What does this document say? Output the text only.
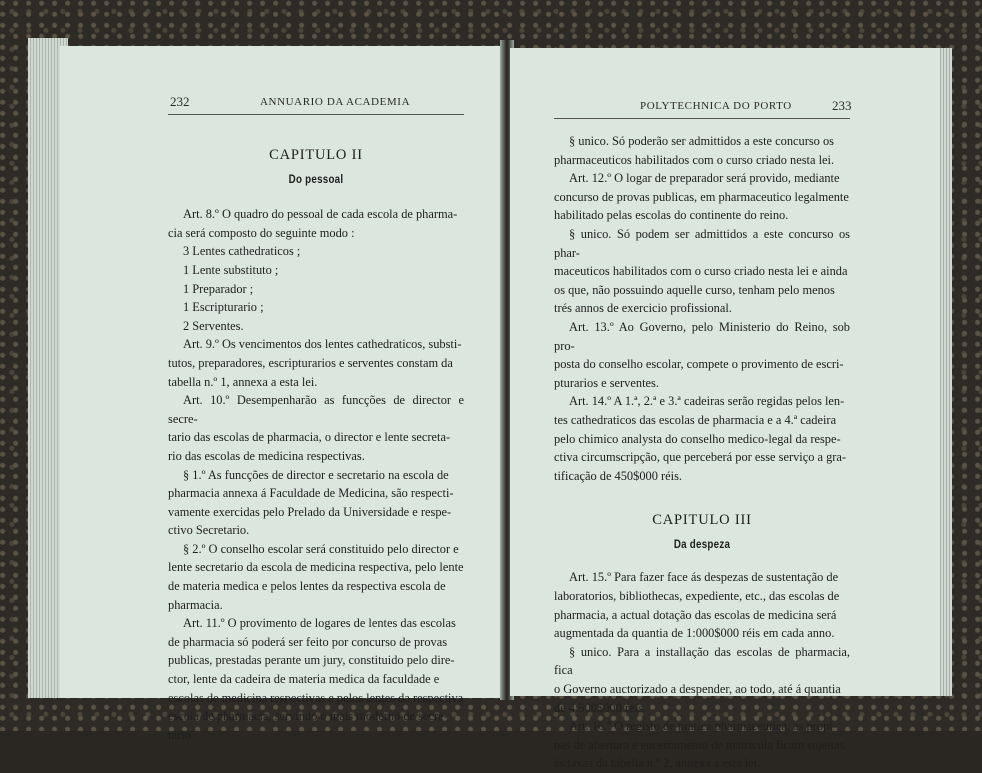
232	ANNUARIO DA ACADEMIA
CAPITULO II
Do pessoal

Art. 8.º O quadro do pessoal de cada escola de pharma-

cia será composto do seguinte modo :

3 Lentes cathedraticos ;

1 Lente substituto ;

1 Preparador ;

1 Escripturario ;

2 Serventes.

Art. 9.º Os vencimentos dos lentes cathedraticos, substi-

tutos, preparadores, escripturarios e serventes constam da

tabella n.º 1, annexa a esta lei.

Art. 10.º Desempenharão as funcções de director e secre-

tario das escolas de pharmacia, o director e lente secreta-

rio das escolas de medicina respectivas.

§ 1.º As funcções de director e secretario na escola de

pharmacia annexa á Faculdade de Medicina, são respecti-

vamente exercidas pelo Prelado da Universidade e respe-

ctivo Secretario.

§ 2.º O conselho escolar será constituido pelo director e

lente secretario da escola de medicina respectiva, pelo lente

de materia medica e pelos lentes da respectiva escola de

pharmacia.

Art. 11.º O provimento de logares de lentes das escolas

de pharmacia só poderá ser feito por concurso de provas

publicas, prestadas perante um jury, constituido pelo dire-

ctor, lente da cadeira de materia medica da faculdade e

escolas de medicina respectivas e pelos lentes da respectiva

escola de pharmacia, servindo o mais moderno de secre-

tario.

POLYTECHNICA DO PORTO	233

§ unico. Só poderão ser admittidos a este concurso os

pharmaceuticos habilitados com o curso criado nesta lei.

Art. 12.º O logar de preparador será provido, mediante

concurso de provas publicas, em pharmaceutico legalmente

habilitado pelas escolas do continente do reino.

§ unico. Só podem ser admittidos a este concurso os phar-

maceuticos habilitados com o curso criado nesta lei e ainda

os que, não possuindo aquelle curso, tenham pelo menos

trés annos de exercicio profissional.

Art. 13.º Ao Governo, pelo Ministerio do Reino, sob pro-

posta do conselho escolar, compete o provimento de escri-

pturarios e serventes.

Art. 14.º A 1.ª, 2.ª e 3.ª cadeiras serão regidas pelos len-

tes cathedraticos das escolas de pharmacia e a 4.ª cadeira

pelo chimico analysta do conselho medico-legal da respe-

ctiva circumscripção, que perceberá por esse serviço a gra-

tificação de 450$000 réis.

CAPITULO III
Da despeza

Art. 15.º Para fazer face ás despezas de sustentação de

laboratorios, bibliothecas, expediente, etc., das escolas de

pharmacia, a actual dotação das escolas de medicina será

augmentada da quantia de 1:000$000 réis em cada anno.

§ unico. Para a installação das escolas de pharmacia, fica

o Governo auctorizado a despender, ao todo, até á quantia

de 4:500$000 réis.

Art. 16.º O registo de pratica pharmaceutica, as propi-

nas de abertura e encerramento de matricula ficam sujeitas

ás taxas da tabella n.º 2, annexa a esta lei.
